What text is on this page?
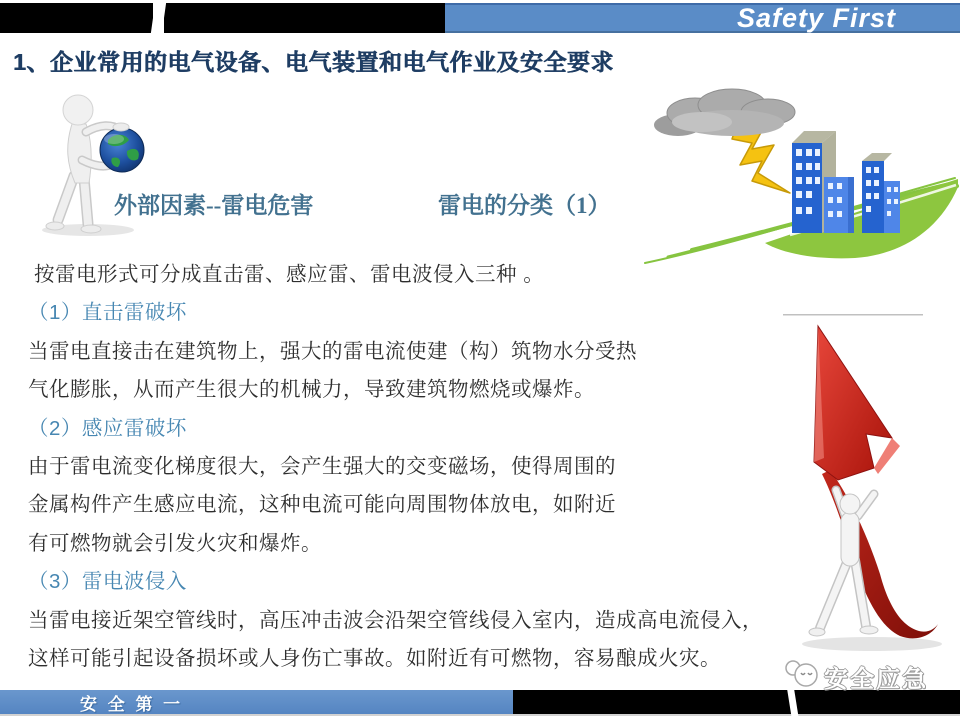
Safety First
1、企业常用的电气设备、电气装置和电气作业及安全要求
外部因素--雷电危害	雷电的分类（1）
按雷电形式可分成直击雷、感应雷、雷电波侵入三种 。
（1）直击雷破坏
当雷电直接击在建筑物上，强大的雷电流使建（构）筑物水分受热
气化膨胀，从而产生很大的机械力，导致建筑物燃烧或爆炸。
（2）感应雷破坏
由于雷电流变化梯度很大，会产生强大的交变磁场，使得周围的
金属构件产生感应电流，这种电流可能向周围物体放电，如附近
有可燃物就会引发火灾和爆炸。
（3）雷电波侵入
当雷电接近架空管线时，高压冲击波会沿架空管线侵入室内，造成高电流侵入，
这样可能引起设备损坏或人身伤亡事故。如附近有可燃物，容易酿成火灾。
安全应急
安 全 第 一
